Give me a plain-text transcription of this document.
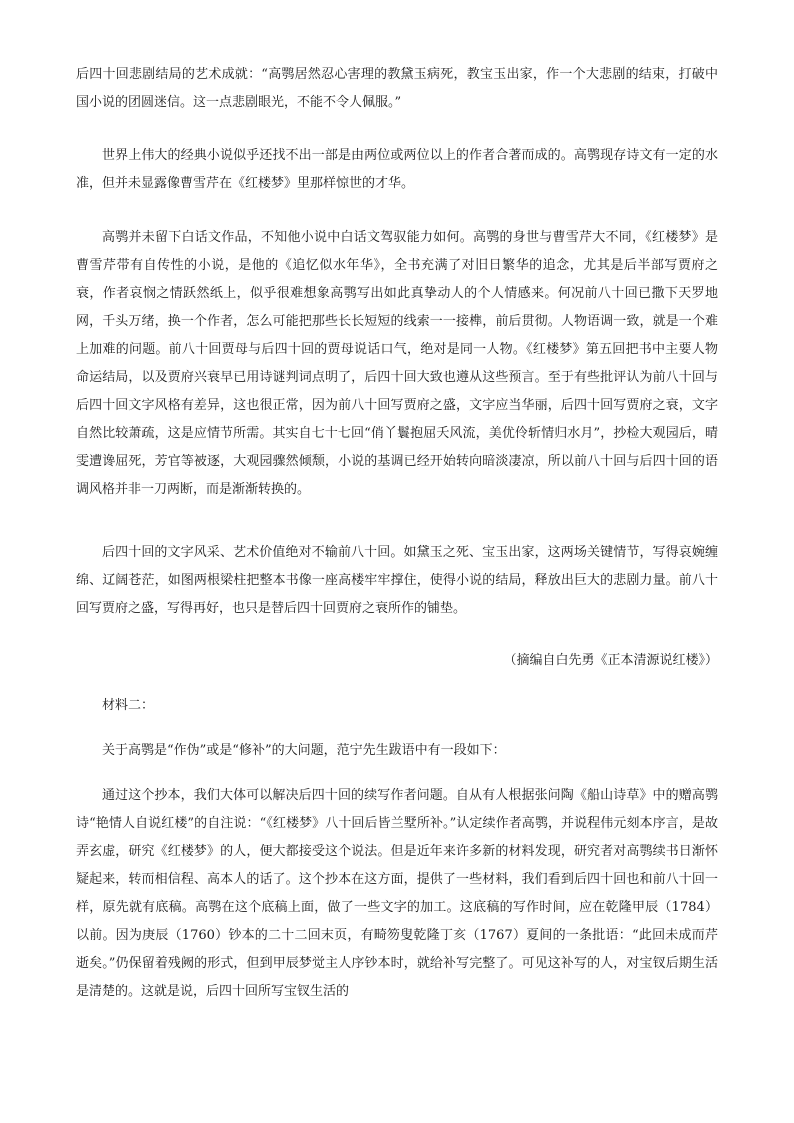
后四十回悲剧结局的艺术成就：“高鹗居然忍心害理的教黛玉病死，教宝玉出家，作一个大悲剧的结束，打破中国小说的团圆迷信。这一点悲剧眼光，不能不令人佩服。”

世界上伟大的经典小说似乎还找不出一部是由两位或两位以上的作者合著而成的。高鹗现存诗文有一定的水准，但并未显露像曹雪芹在《红楼梦》里那样惊世的才华。

高鹗并未留下白话文作品，不知他小说中白话文驾驭能力如何。高鹗的身世与曹雪芹大不同，《红楼梦》是曹雪芹带有自传性的小说，是他的《追忆似水年华》，全书充满了对旧日繁华的追念，尤其是后半部写贾府之衰，作者哀悯之情跃然纸上，似乎很难想象高鹗写出如此真挚动人的个人情感来。何况前八十回已撒下天罗地网，千头万绪，换一个作者，怎么可能把那些长长短短的线索一一接榫，前后贯彻。人物语调一致，就是一个难上加难的问题。前八十回贾母与后四十回的贾母说话口气，绝对是同一人物。《红楼梦》第五回把书中主要人物命运结局，以及贾府兴衰早已用诗谜判词点明了，后四十回大致也遵从这些预言。至于有些批评认为前八十回与后四十回文字风格有差异，这也很正常，因为前八十回写贾府之盛，文字应当华丽，后四十回写贾府之衰，文字自然比较萧疏，这是应情节所需。其实自七十七回“俏丫鬟抱屈夭风流，美优伶斩情归水月”，抄检大观园后，晴雯遭谗屈死，芳官等被逐，大观园骤然倾颓，小说的基调已经开始转向暗淡凄凉，所以前八十回与后四十回的语调风格并非一刀两断，而是渐渐转换的。

后四十回的文字风采、艺术价值绝对不输前八十回。如黛玉之死、宝玉出家，这两场关键情节，写得哀婉缠绵、辽阔苍茫，如图两根梁柱把整本书像一座高楼牢牢撑住，使得小说的结局，释放出巨大的悲剧力量。前八十回写贾府之盛，写得再好，也只是替后四十回贾府之衰所作的铺垫。

（摘编自白先勇《正本清源说红楼》）

材料二：

关于高鹗是“作伪”或是“修补”的大问题，范宁先生跋语中有一段如下：

通过这个抄本，我们大体可以解决后四十回的续写作者问题。自从有人根据张问陶《船山诗草》中的赠高鹗诗“艳情人自说红楼”的自注说：“《红楼梦》八十回后皆兰墅所补。”认定续作者高鹗，并说程伟元刻本序言，是故弄玄虚，研究《红楼梦》的人，便大都接受这个说法。但是近年来许多新的材料发现，研究者对高鹗续书日渐怀疑起来，转而相信程、高本人的话了。这个抄本在这方面，提供了一些材料，我们看到后四十回也和前八十回一样，原先就有底稿。高鹗在这个底稿上面，做了一些文字的加工。这底稿的写作时间，应在乾隆甲辰（1784）以前。因为庚辰（1760）钞本的二十二回末页，有畸笏叟乾隆丁亥（1767）夏间的一条批语：“此回未成而芹逝矣。”仍保留着残阙的形式，但到甲辰梦觉主人序钞本时，就给补写完整了。可见这补写的人，对宝钗后期生活是清楚的。这就是说，后四十回所写宝钗生活的
